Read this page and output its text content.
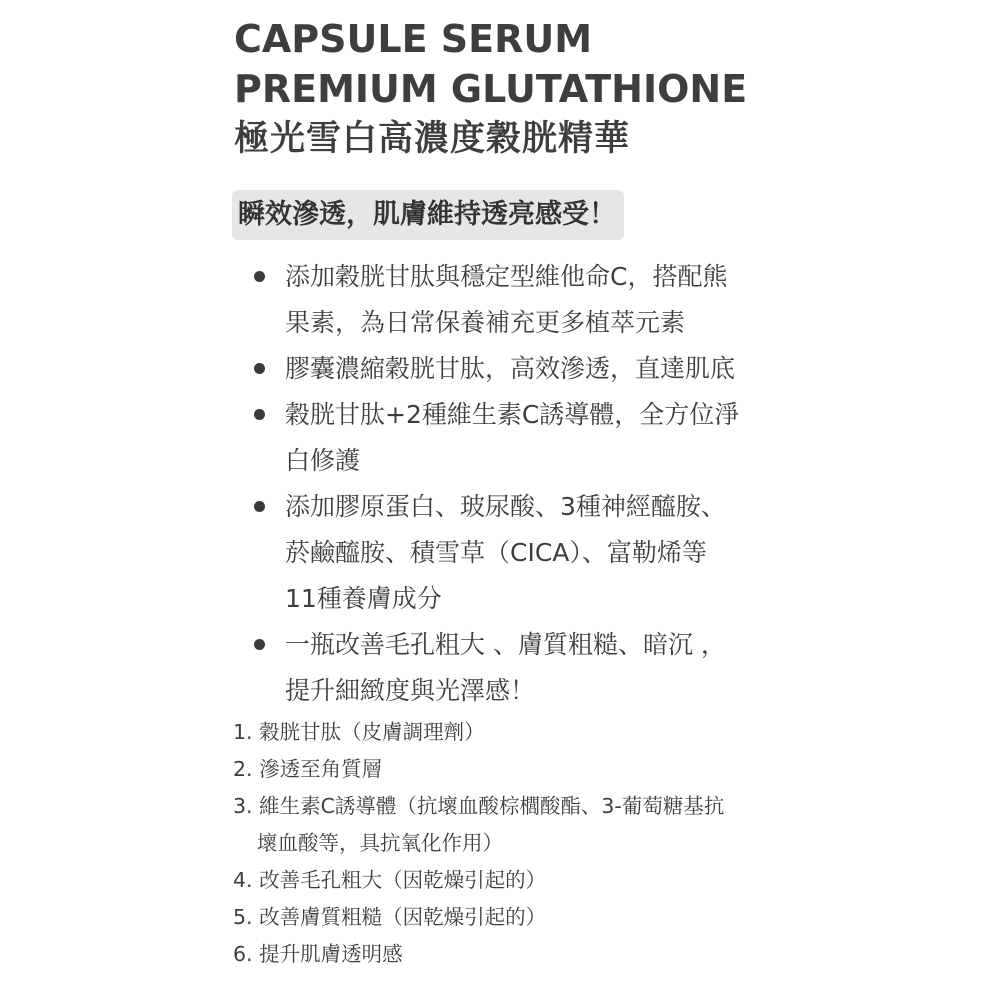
CAPSULE SERUM
PREMIUM GLUTATHIONE
極光雪白高濃度穀胱精華
瞬效滲透，肌膚維持透亮感受！
添加穀胱甘肽與穩定型維他命C，搭配熊
果素，為日常保養補充更多植萃元素
膠囊濃縮穀胱甘肽，高效滲透，直達肌底
穀胱甘肽+2種維生素C誘導體，全方位淨
白修護
添加膠原蛋白、玻尿酸、3種神經醯胺、
菸鹼醯胺、積雪草（CICA）、富勒烯等
11種養膚成分
一瓶改善毛孔粗大 、膚質粗糙、暗沉 ，
提升細緻度與光澤感！
1. 穀胱甘肽（皮膚調理劑）
2. 滲透至角質層
3. 維生素C誘導體（抗壞血酸棕櫚酸酯、3-葡萄糖基抗
壞血酸等，具抗氧化作用）
4. 改善毛孔粗大（因乾燥引起的）
5. 改善膚質粗糙（因乾燥引起的）
6. 提升肌膚透明感
